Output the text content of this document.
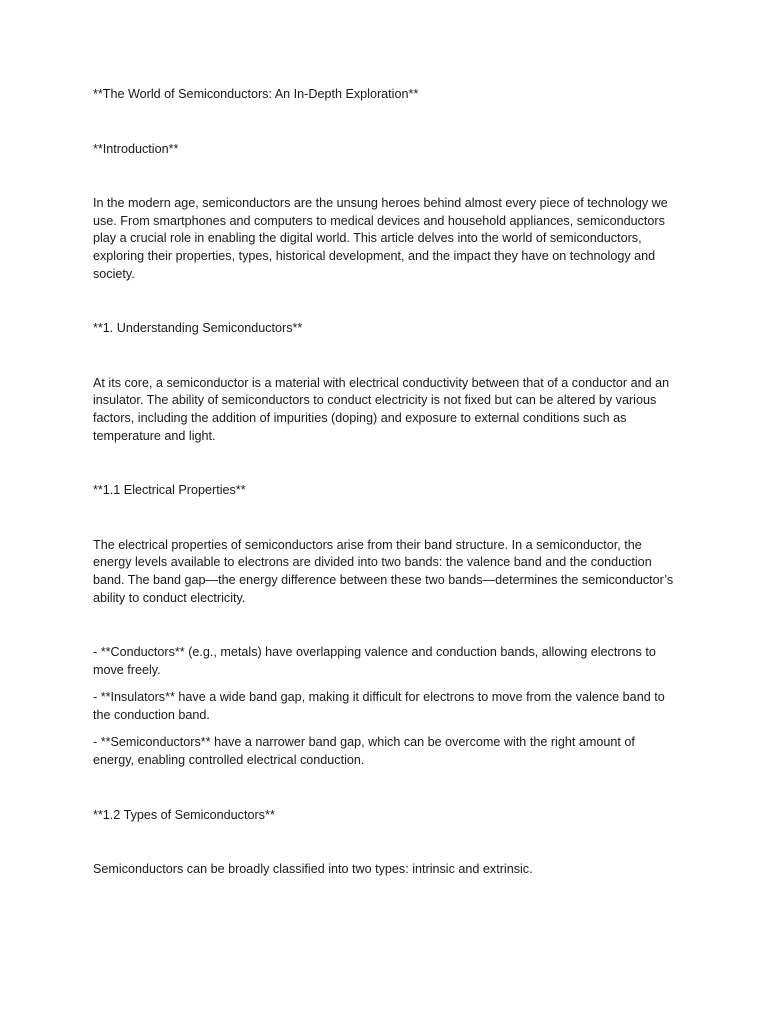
**The World of Semiconductors: An In-Depth Exploration**

**Introduction**

In the modern age, semiconductors are the unsung heroes behind almost every piece of technology we use. From smartphones and computers to medical devices and household appliances, semiconductors play a crucial role in enabling the digital world. This article delves into the world of semiconductors, exploring their properties, types, historical development, and the impact they have on technology and society.

**1. Understanding Semiconductors**

At its core, a semiconductor is a material with electrical conductivity between that of a conductor and an insulator. The ability of semiconductors to conduct electricity is not fixed but can be altered by various factors, including the addition of impurities (doping) and exposure to external conditions such as temperature and light.

**1.1 Electrical Properties**

The electrical properties of semiconductors arise from their band structure. In a semiconductor, the energy levels available to electrons are divided into two bands: the valence band and the conduction band. The band gap—the energy difference between these two bands—determines the semiconductor’s ability to conduct electricity.

- **Conductors** (e.g., metals) have overlapping valence and conduction bands, allowing electrons to move freely.

- **Insulators** have a wide band gap, making it difficult for electrons to move from the valence band to the conduction band.

- **Semiconductors** have a narrower band gap, which can be overcome with the right amount of energy, enabling controlled electrical conduction.

**1.2 Types of Semiconductors**

Semiconductors can be broadly classified into two types: intrinsic and extrinsic.
